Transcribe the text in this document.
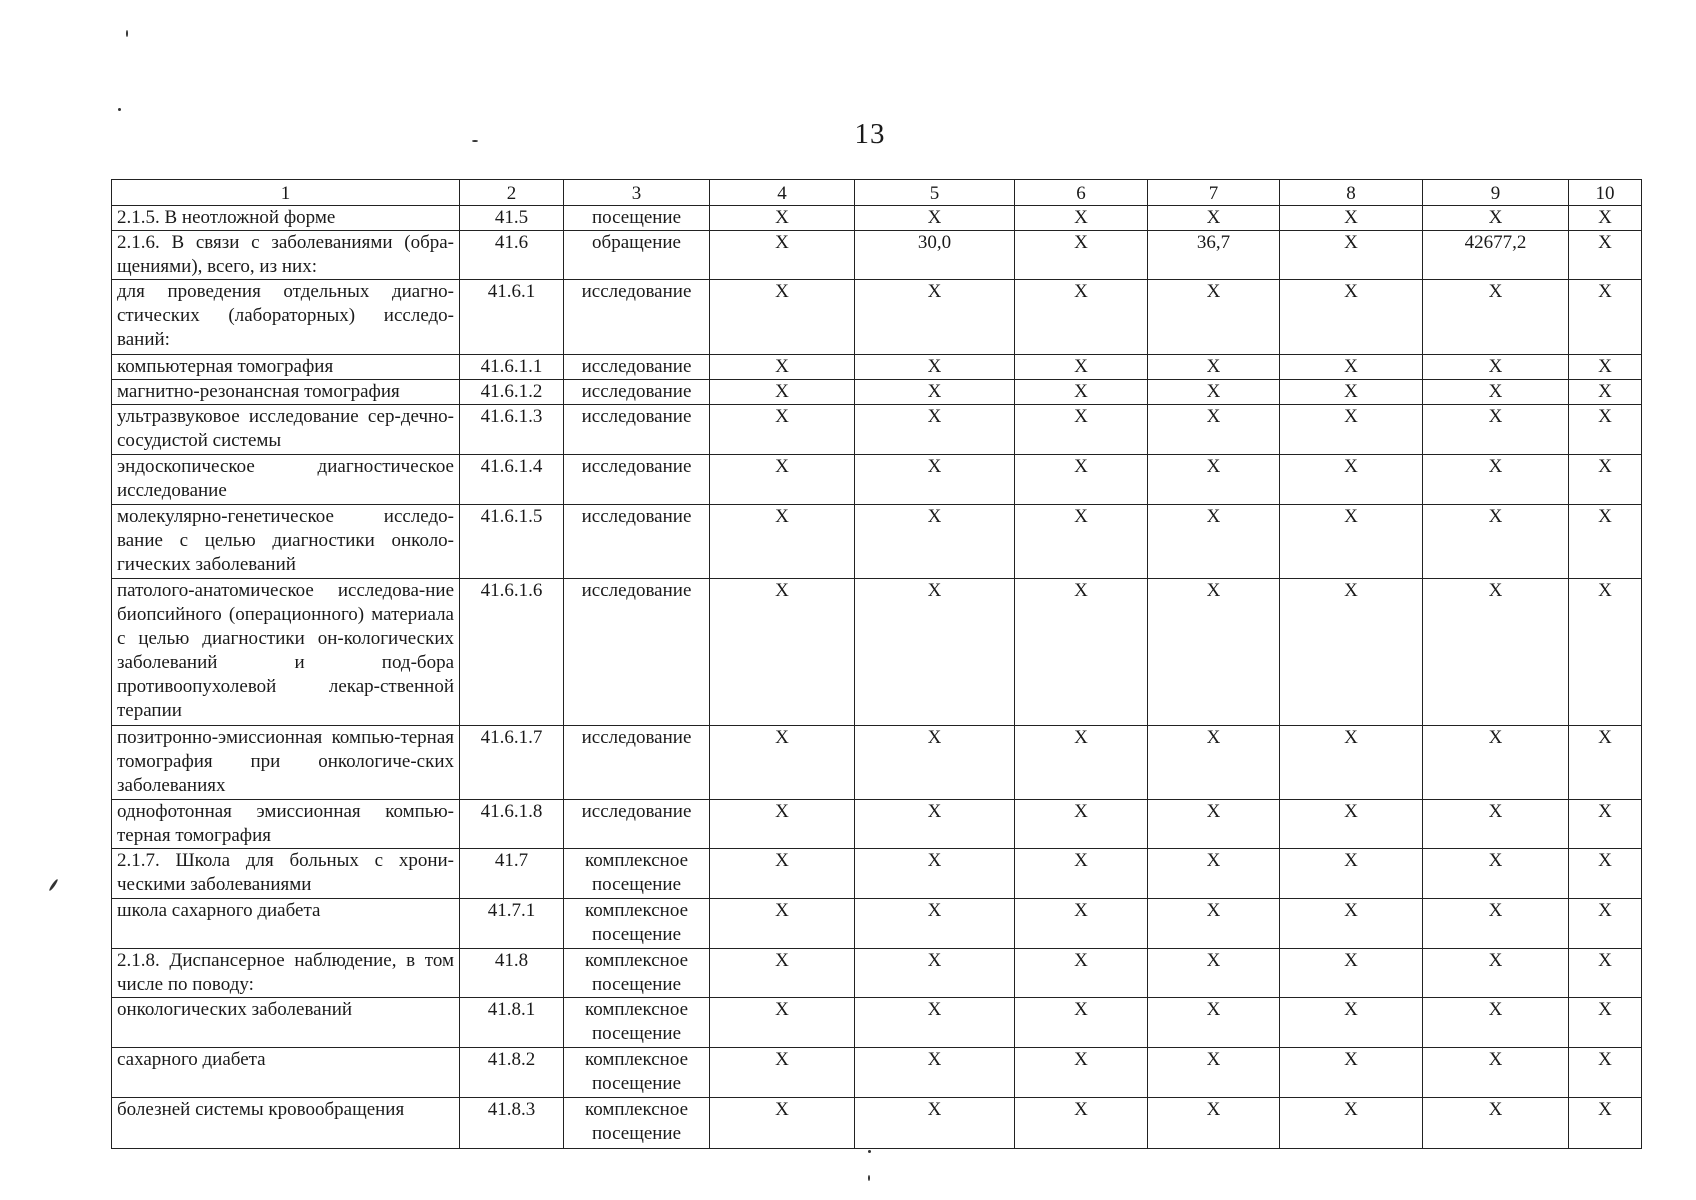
13
1	2	3	4	5	6	7	8	9	10
2.1.5. В неотложной форме	41.5	посещение	X	X	X	X	X	X	X
2.1.6. В связи с заболеваниями (обра-щениями), всего, из них:	41.6	обращение	X	30,0	X	36,7	X	42677,2	X
для проведения отдельных диагно-стических (лабораторных) исследо-ваний:	41.6.1	исследование	X	X	X	X	X	X	X
компьютерная томография	41.6.1.1	исследование	X	X	X	X	X	X	X
магнитно-резонансная томография	41.6.1.2	исследование	X	X	X	X	X	X	X
ультразвуковое исследование сер-дечно-сосудистой системы	41.6.1.3	исследование	X	X	X	X	X	X	X
эндоскопическое диагностическое исследование	41.6.1.4	исследование	X	X	X	X	X	X	X
молекулярно-генетическое исследо-вание с целью диагностики онколо-гических заболеваний	41.6.1.5	исследование	X	X	X	X	X	X	X
патолого-анатомическое исследова-ние биопсийного (операционного) материала с целью диагностики он-кологических заболеваний и под-бора противоопухолевой лекар-ственной терапии	41.6.1.6	исследование	X	X	X	X	X	X	X
позитронно-эмиссионная компью-терная томография при онкологиче-ских заболеваниях	41.6.1.7	исследование	X	X	X	X	X	X	X
однофотонная эмиссионная компью-терная томография	41.6.1.8	исследование	X	X	X	X	X	X	X
2.1.7. Школа для больных с хрони-ческими заболеваниями	41.7	комплексное посещение	X	X	X	X	X	X	X
школа сахарного диабета	41.7.1	комплексное посещение	X	X	X	X	X	X	X
2.1.8. Диспансерное наблюдение, в том числе по поводу:	41.8	комплексное посещение	X	X	X	X	X	X	X
онкологических заболеваний	41.8.1	комплексное посещение	X	X	X	X	X	X	X
сахарного диабета	41.8.2	комплексное посещение	X	X	X	X	X	X	X
болезней системы кровообращения	41.8.3	комплексное посещение	X	X	X	X	X	X	X
